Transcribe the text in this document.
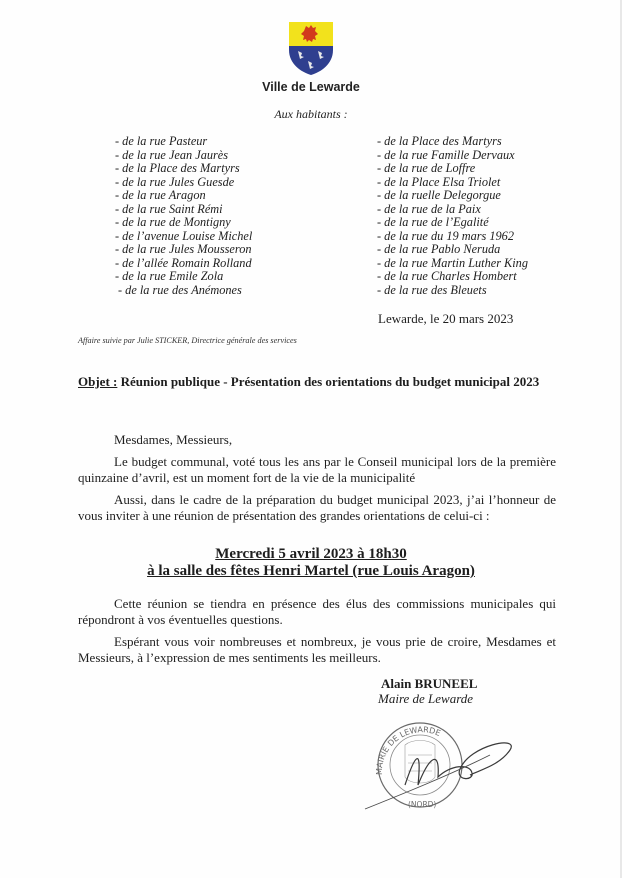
Ville de Lewarde
Aux habitants :
- de la rue Pasteur
- de la rue Jean Jaurès
- de la Place des Martyrs
- de la rue Jules Guesde
- de la rue Aragon
- de la rue Saint Rémi
- de la rue de Montigny
- de l’avenue Louise Michel
- de la rue Jules Mousseron
- de l’allée Romain Rolland
- de la rue Emile Zola
- de la rue des Anémones
- de la Place des Martyrs
- de la rue Famille Dervaux
- de la rue de Loffre
- de la Place Elsa Triolet
- de la ruelle Delegorgue
- de la rue de la Paix
- de la rue de l’Egalité
- de la rue du 19 mars 1962
- de la rue Pablo Neruda
- de la rue Martin Luther King
- de la rue Charles Hombert
- de la rue des Bleuets
Lewarde, le 20 mars 2023
Affaire suivie par Julie STICKER, Directrice générale des services
Objet : Réunion publique - Présentation des orientations du budget municipal 2023
Mesdames, Messieurs,
Le budget communal, voté tous les ans par le Conseil municipal lors de la première quinzaine d’avril, est un moment fort de la vie de la municipalité
Aussi, dans le cadre de la préparation du budget municipal 2023, j’ai l’honneur de vous inviter à une réunion de présentation des grandes orientations de celui-ci :
Mercredi 5 avril 2023 à 18h30
à la salle des fêtes Henri Martel (rue Louis Aragon)
Cette réunion se tiendra en présence des élus des commissions municipales qui répondront à vos éventuelles questions.
Espérant vous voir nombreuses et nombreux, je vous prie de croire, Mesdames et Messieurs, à l’expression de mes sentiments les meilleurs.
Alain BRUNEEL
Maire de Lewarde
MAIRIE DE LEWARDE
(NORD)
